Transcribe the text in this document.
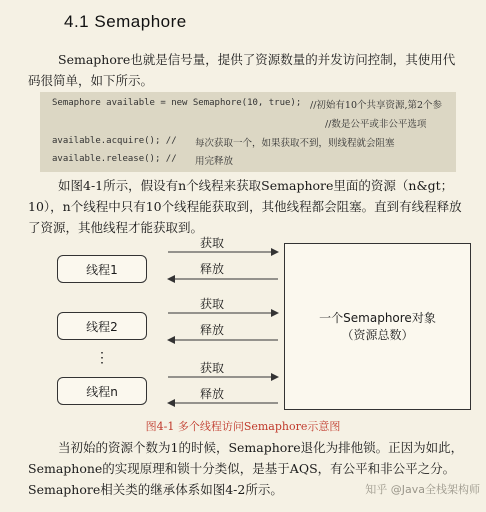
4.1 Semaphore
Semaphore也就是信号量，提供了资源数量的并发访问控制，其使用代码很简单，如下所示。
Semaphore available = new Semaphore(10, true); //初始有10个共享资源,第2个参
//数是公平或非公平选项
available.acquire(); // 每次获取一个，如果获取不到，则线程就会阻塞
available.release(); // 用完释放
如图4-1所示，假设有n个线程来获取Semaphore里面的资源（n&gt；10），n个线程中只有10个线程能获取到，其他线程都会阻塞。直到有线程释放了资源，其他线程才能获取到。
线程1
线程2
⋮
线程n
获取
释放
获取
释放
获取
释放
一个Semaphore对象
（资源总数）
图4-1 多个线程访问Semaphore示意图
当初始的资源个数为1的时候，Semaphore退化为排他锁。正因为如此，Semaphone的实现原理和锁十分类似，是基于AQS，有公平和非公平之分。Semaphore相关类的继承体系如图4-2所示。	知乎 @Java全栈架构师
